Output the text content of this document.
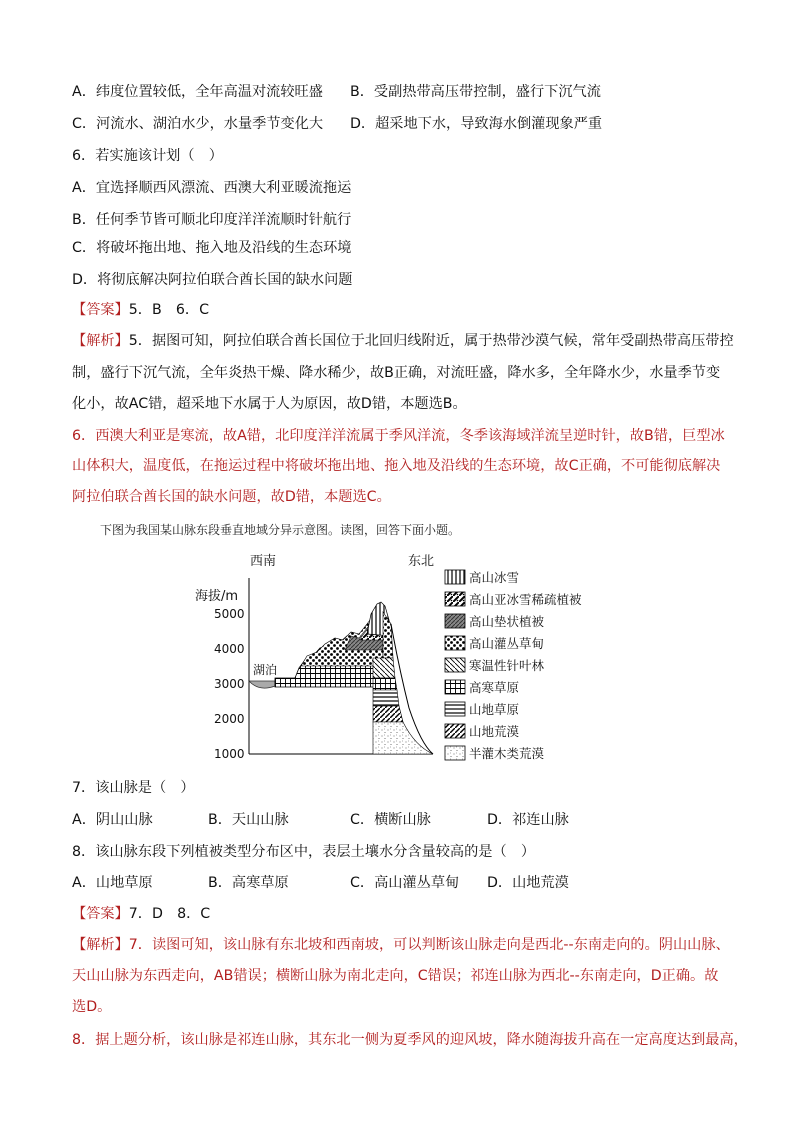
A．纬度位置较低，全年高温对流较旺盛 B．受副热带高压带控制，盛行下沉气流
C．河流水、湖泊水少，水量季节变化大 D．超采地下水，导致海水倒灌现象严重
6．若实施该计划（　）
A．宜选择顺西风漂流、西澳大利亚暖流拖运
B．任何季节皆可顺北印度洋洋流顺时针航行
C．将破坏拖出地、拖入地及沿线的生态环境
D．将彻底解决阿拉伯联合酋长国的缺水问题
【答案】5．B　6．C
【解析】5．据图可知，阿拉伯联合酋长国位于北回归线附近，属于热带沙漠气候，常年受副热带高压带控
制，盛行下沉气流，全年炎热干燥、降水稀少，故B正确，对流旺盛，降水多，全年降水少，水量季节变
化小，故AC错，超采地下水属于人为原因，故D错，本题选B。
6．西澳大利亚是寒流，故A错，北印度洋洋流属于季风洋流，冬季该海域洋流呈逆时针，故B错，巨型冰
山体积大，温度低，在拖运过程中将破坏拖出地、拖入地及沿线的生态环境，故C正确，不可能彻底解决
阿拉伯联合酋长国的缺水问题，故D错，本题选C。
下图为我国某山脉东段垂直地域分异示意图。读图，回答下面小题。
西南	东北
海拔/m
5000
4000
3000
2000
1000
湖泊
高山冰雪
高山亚冰雪稀疏植被
高山垫状植被
高山灌丛草甸
寒温性针叶林
高寒草原
山地草原
山地荒漠
半灌木类荒漠
7．该山脉是（　）
A．阴山山脉	B．天山山脉	C．横断山脉	D．祁连山脉
8．该山脉东段下列植被类型分布区中，表层土壤水分含量较高的是（　）
A．山地草原	B．高寒草原	C．高山灌丛草甸 D．山地荒漠
【答案】7．D　8．C
【解析】7．读图可知，该山脉有东北坡和西南坡，可以判断该山脉走向是西北--东南走向的。阴山山脉、
天山山脉为东西走向，AB错误；横断山脉为南北走向，C错误；祁连山脉为西北--东南走向，D正确。故
选D。
8．据上题分析，该山脉是祁连山脉，其东北一侧为夏季风的迎风坡，降水随海拔升高在一定高度达到最高，
